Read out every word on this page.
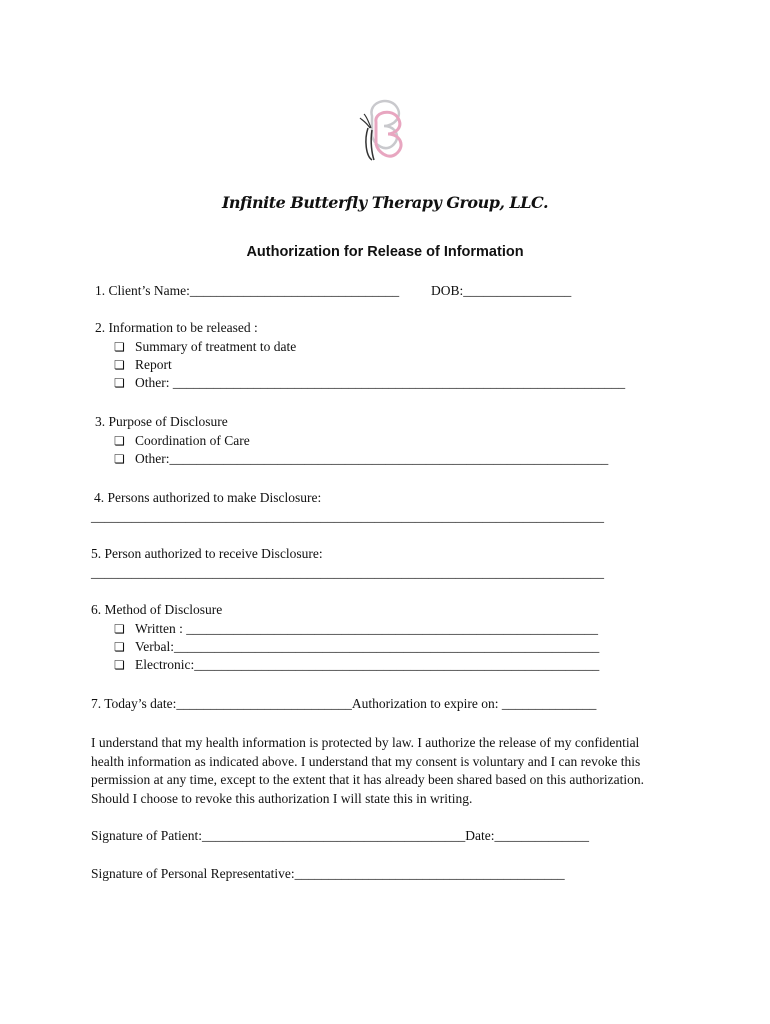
Infinite Butterfly Therapy Group, LLC.
Authorization for Release of Information
1. Client’s Name:_______________________________ DOB:________________
2. Information to be released :
❏ Summary of treatment to date
❏ Report
❏ Other: ___________________________________________________________________
3. Purpose of Disclosure
❏ Coordination of Care
❏ Other:_________________________________________________________________
4. Persons authorized to make Disclosure:
____________________________________________________________________________
5. Person authorized to receive Disclosure:
____________________________________________________________________________
6. Method of Disclosure
❏ Written : _____________________________________________________________
❏ Verbal:_______________________________________________________________
❏ Electronic:____________________________________________________________
7. Today’s date:__________________________Authorization to expire on: ______________
I understand that my health information is protected by law. I authorize the release of my confidential health information as indicated above. I understand that my consent is voluntary and I can revoke this permission at any time, except to the extent that it has already been shared based on this authorization. Should I choose to revoke this authorization I will state this in writing.
Signature of Patient:_______________________________________Date:______________
Signature of Personal Representative:________________________________________
